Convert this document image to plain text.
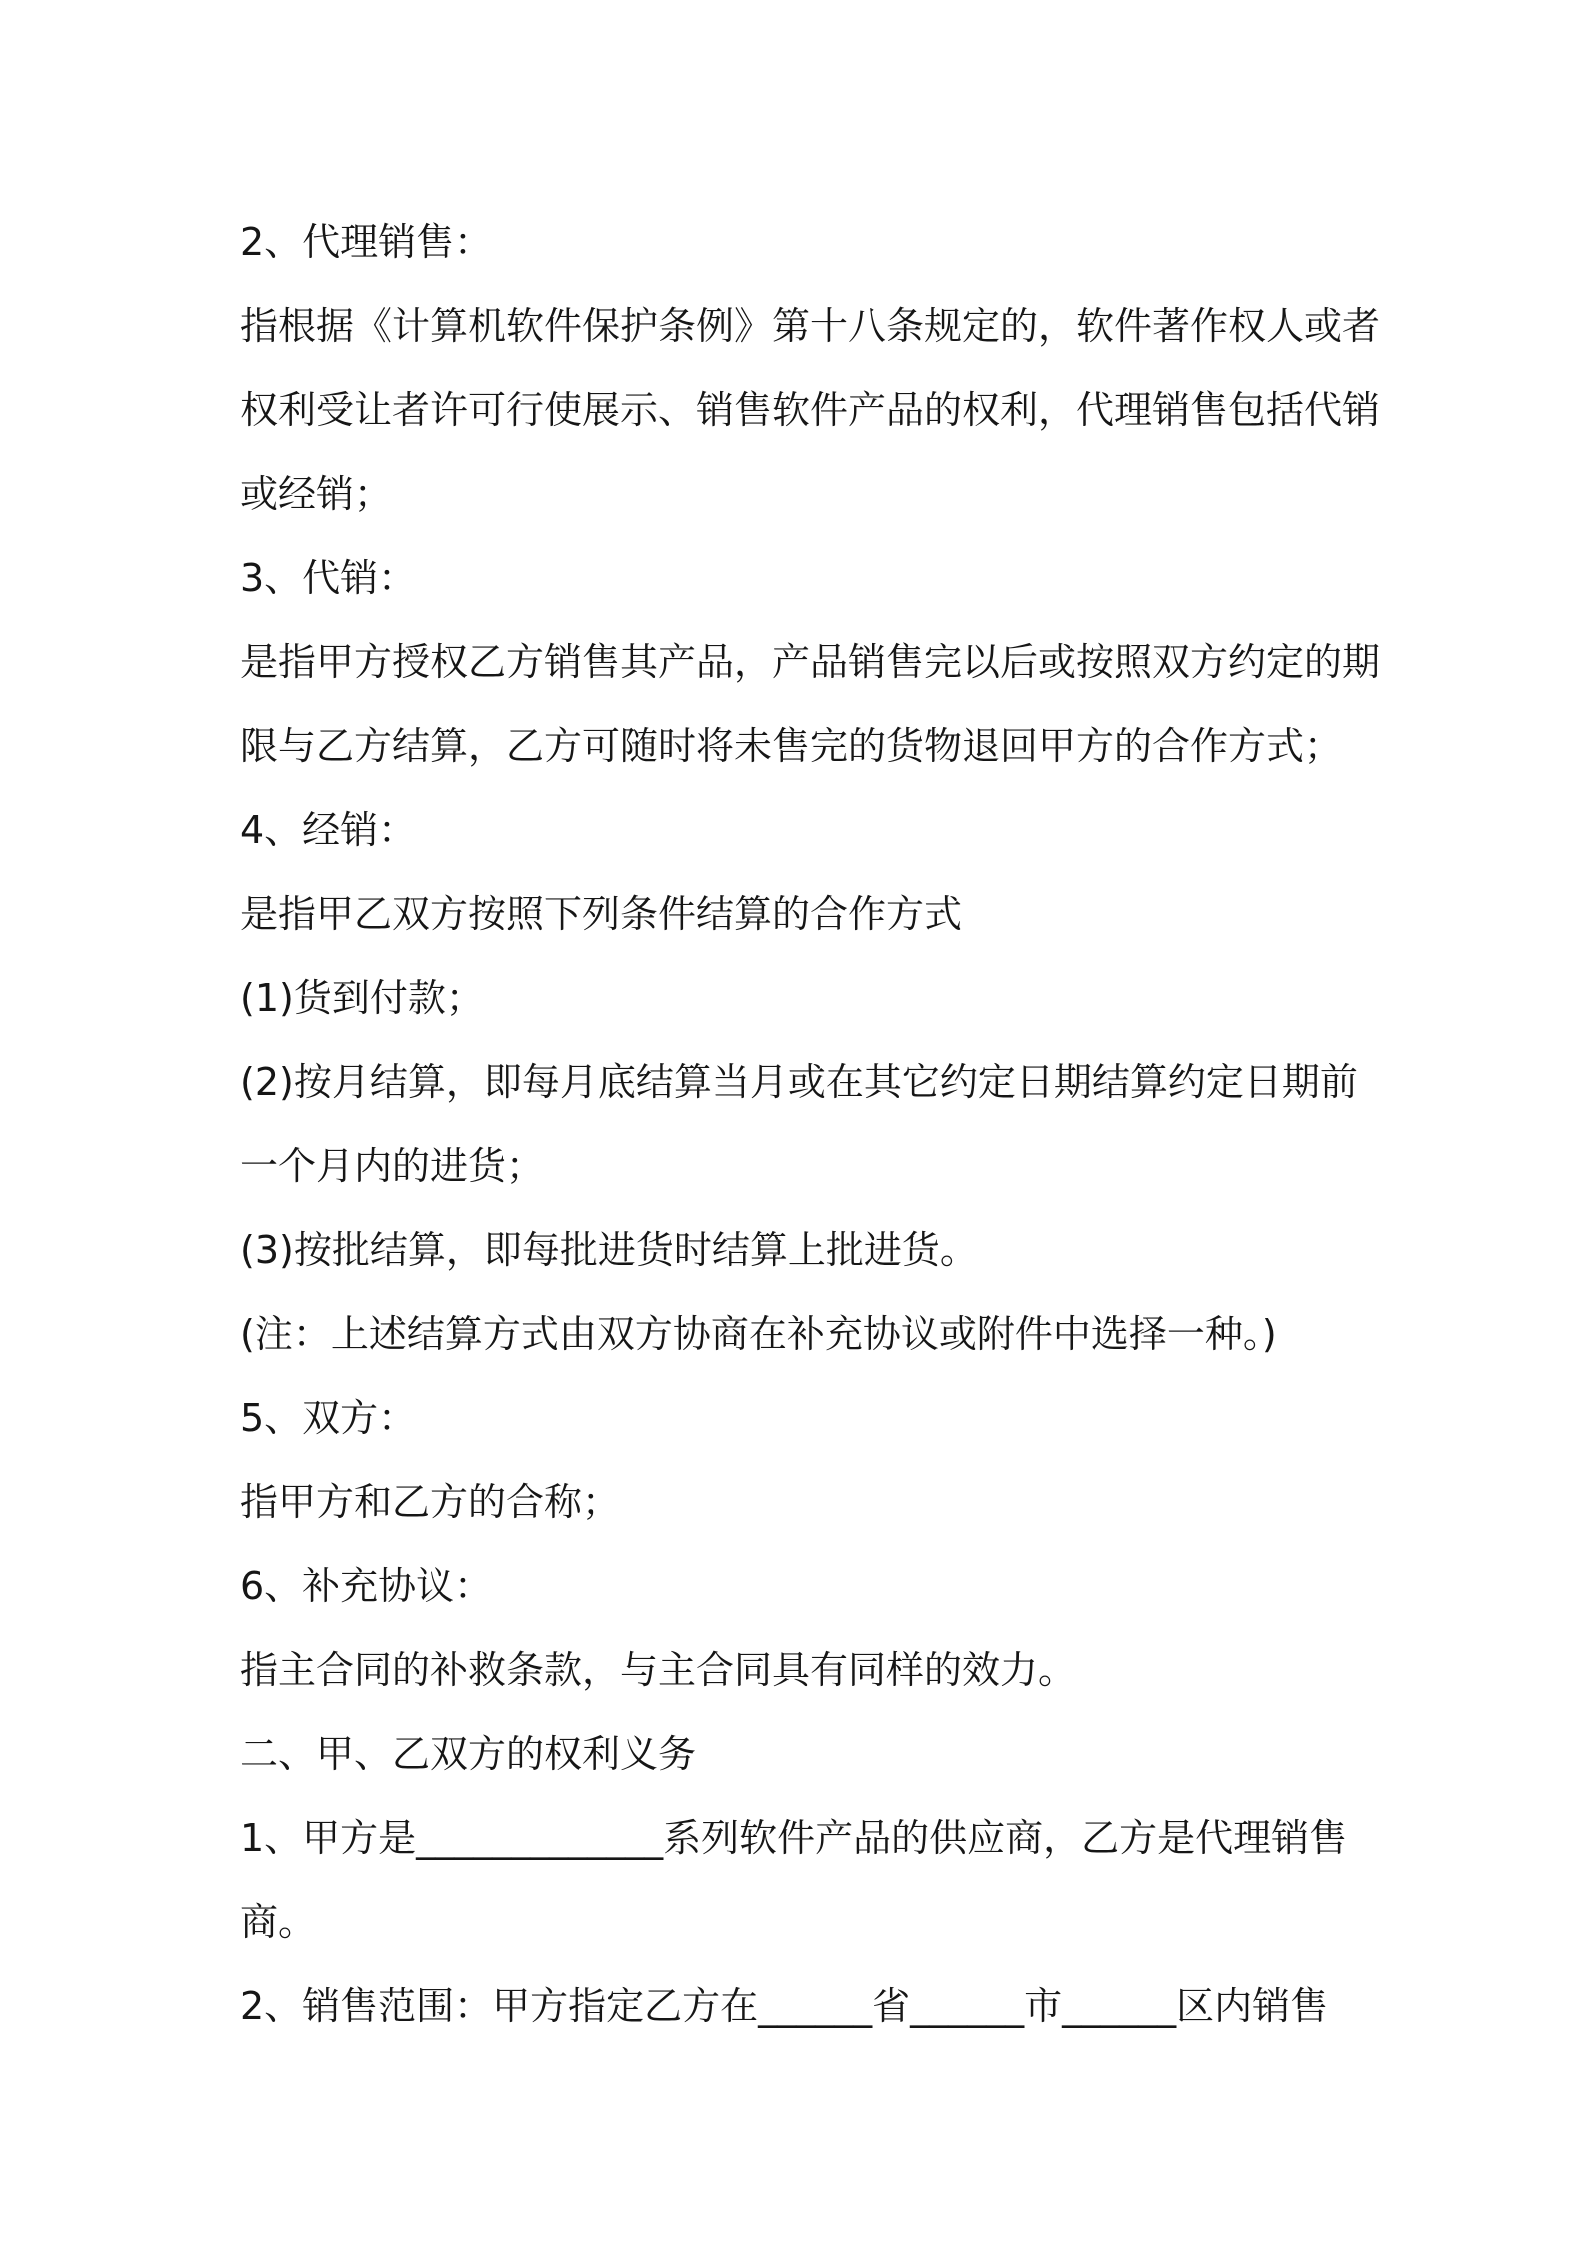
2、代理销售：
指根据《计算机软件保护条例》第十八条规定的，软件著作权人或者
权利受让者许可行使展示、销售软件产品的权利，代理销售包括代销
或经销；
3、代销：
是指甲方授权乙方销售其产品，产品销售完以后或按照双方约定的期
限与乙方结算，乙方可随时将未售完的货物退回甲方的合作方式；
4、经销：
是指甲乙双方按照下列条件结算的合作方式
(1)货到付款；
(2)按月结算，即每月底结算当月或在其它约定日期结算约定日期前
一个月内的进货；
(3)按批结算，即每批进货时结算上批进货。
(注：上述结算方式由双方协商在补充协议或附件中选择一种。)
5、双方：
指甲方和乙方的合称；
6、补充协议：
指主合同的补救条款，与主合同具有同样的效力。
二、甲、乙双方的权利义务
1、甲方是_____________系列软件产品的供应商，乙方是代理销售
商。
2、销售范围：甲方指定乙方在______省______市______区内销售
